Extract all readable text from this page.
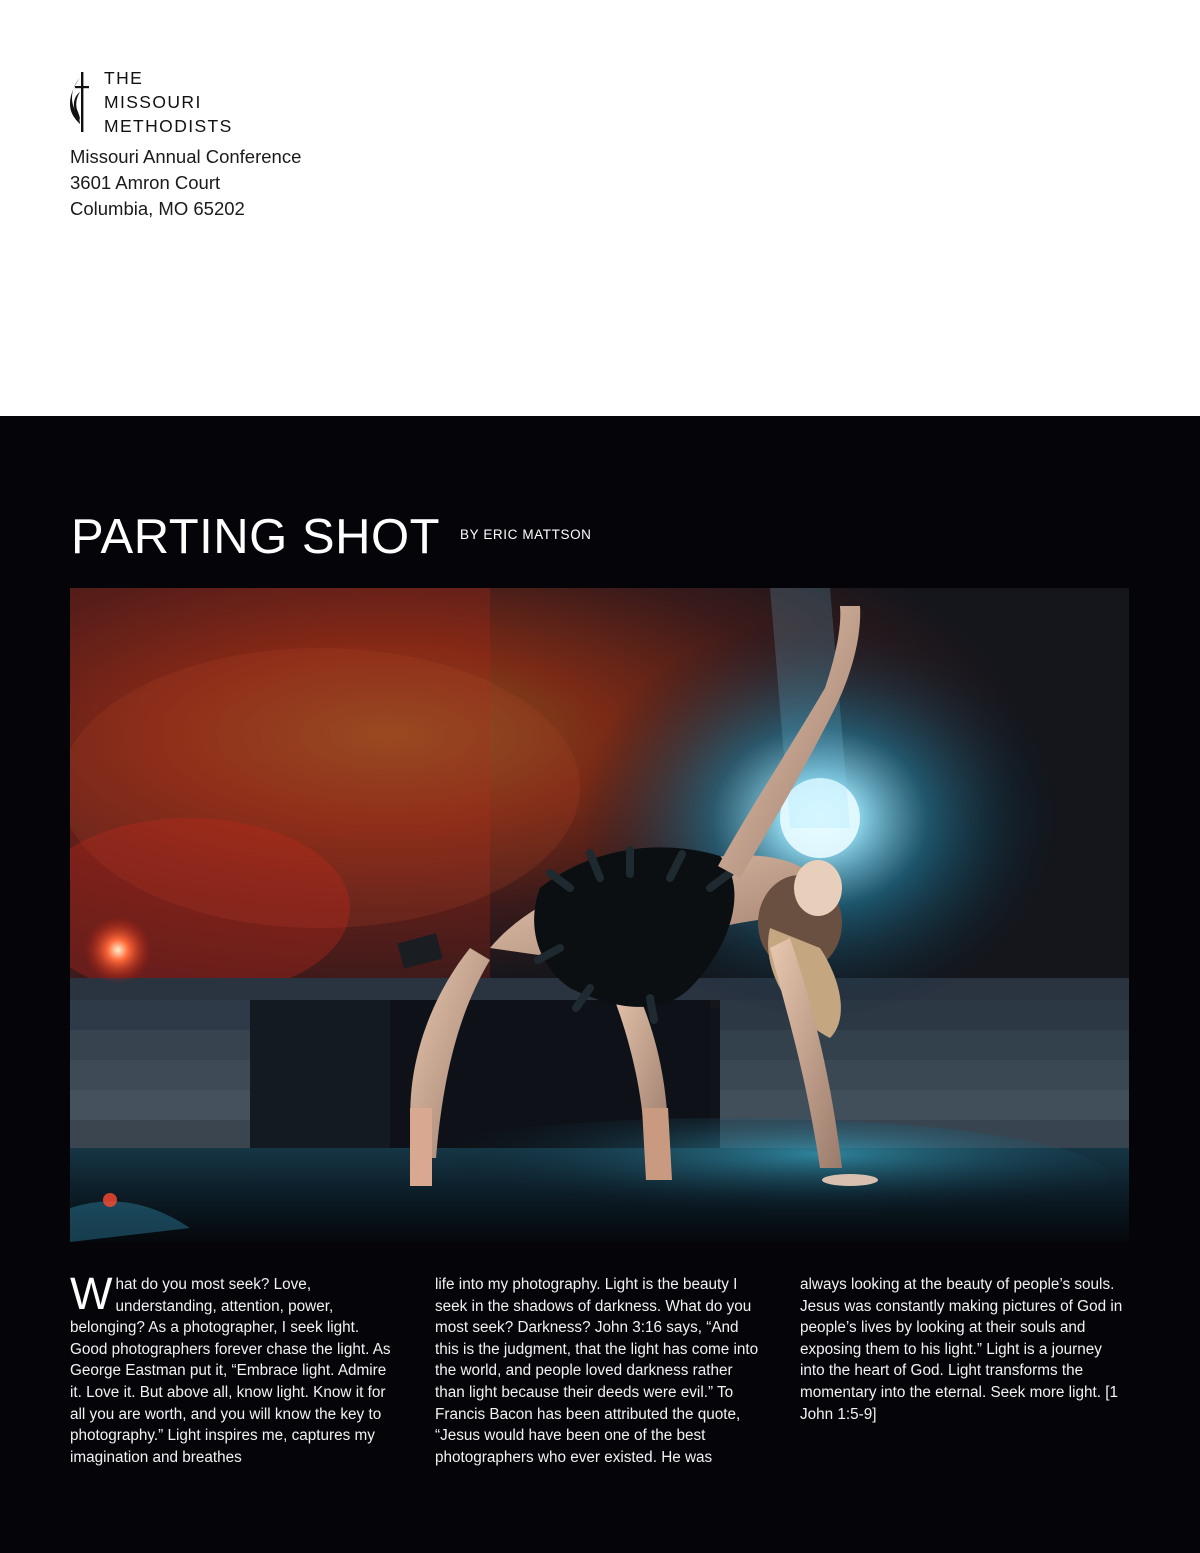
THE
MISSOURI
METHODISTS
Missouri Annual Conference
3601 Amron Court
Columbia, MO 65202
PARTING SHOT BY ERIC MATTSON
What do you most seek? Love, understanding, attention, power, belonging? As a photographer, I seek light. Good photographers forever chase the light. As George Eastman put it, “Embrace light. Admire it. Love it. But above all, know light. Know it for all you are worth, and you will know the key to photography.” Light inspires me, captures my imagination and breathes
life into my photography. Light is the beauty I seek in the shadows of darkness. What do you most seek? Darkness? John 3:16 says, “And this is the judgment, that the light has come into the world, and people loved darkness rather than light because their deeds were evil.” To Francis Bacon has been attributed the quote, “Jesus would have been one of the best photographers who ever existed. He was
always looking at the beauty of people’s souls. Jesus was constantly making pictures of God in people’s lives by looking at their souls and exposing them to his light.” Light is a journey into the heart of God. Light transforms the momentary into the eternal. Seek more light. [1 John 1:5-9]
